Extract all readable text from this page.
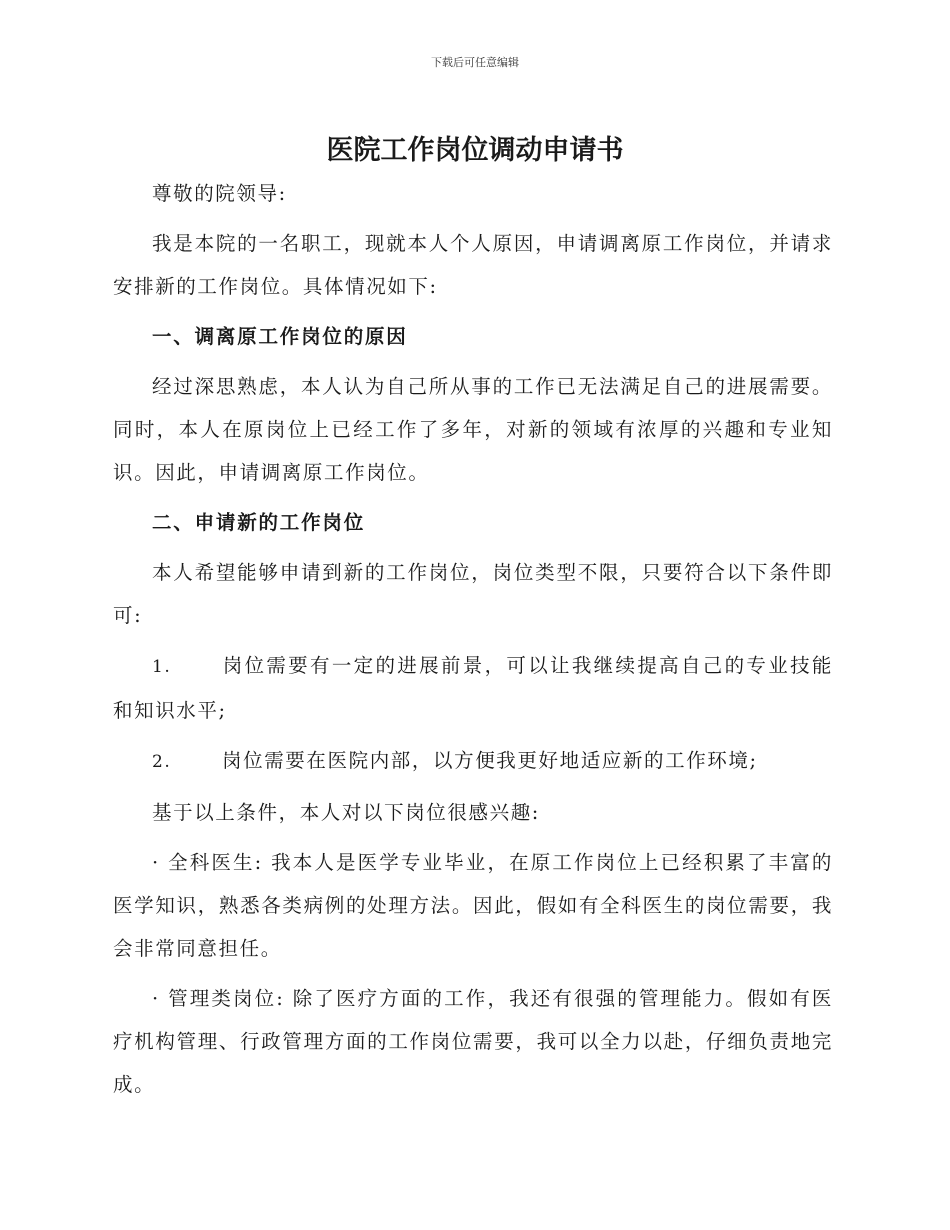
下载后可任意编辑
医院工作岗位调动申请书

尊敬的院领导:

我是本院的一名职工，现就本人个人原因，申请调离原工作岗位，并请求安排新的工作岗位。具体情况如下:

一、调离原工作岗位的原因

经过深思熟虑，本人认为自己所从事的工作已无法满足自己的进展需要。同时，本人在原岗位上已经工作了多年，对新的领域有浓厚的兴趣和专业知识。因此，申请调离原工作岗位。

二、申请新的工作岗位

本人希望能够申请到新的工作岗位，岗位类型不限，只要符合以下条件即可:

1.	岗位需要有一定的进展前景，可以让我继续提高自己的专业技能和知识水平;

2.	岗位需要在医院内部，以方便我更好地适应新的工作环境;

基于以上条件，本人对以下岗位很感兴趣:

· 全科医生: 我本人是医学专业毕业，在原工作岗位上已经积累了丰富的医学知识，熟悉各类病例的处理方法。因此，假如有全科医生的岗位需要，我会非常同意担任。

· 管理类岗位: 除了医疗方面的工作，我还有很强的管理能力。假如有医疗机构管理、行政管理方面的工作岗位需要，我可以全力以赴，仔细负责地完成。
